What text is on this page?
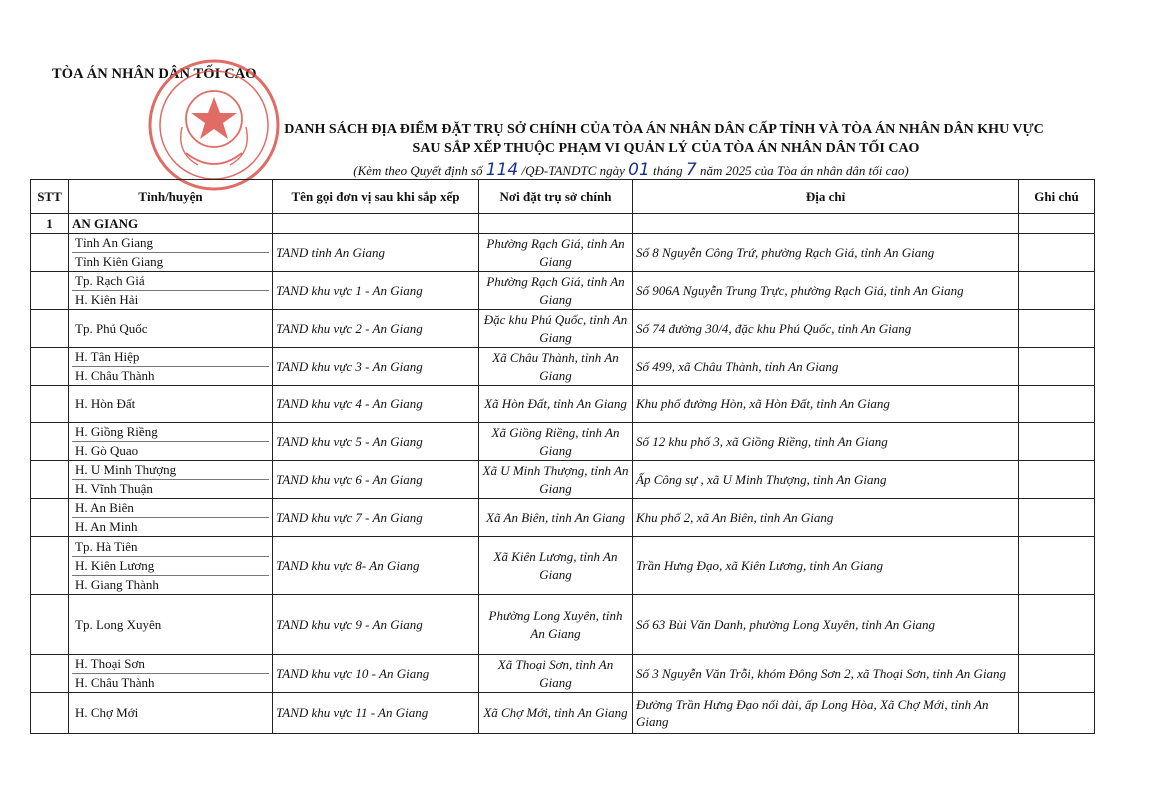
TÒA ÁN NHÂN DÂN TỐI CAO
DANH SÁCH ĐỊA ĐIỂM ĐẶT TRỤ SỞ CHÍNH CỦA TÒA ÁN NHÂN DÂN CẤP TỈNH VÀ TÒA ÁN NHÂN DÂN KHU VỰC
SAU SẮP XẾP THUỘC PHẠM VI QUẢN LÝ CỦA TÒA ÁN NHÂN DÂN TỐI CAO
(Kèm theo Quyết định số 114 /QĐ-TANDTC ngày 01 tháng 7 năm 2025 của Tòa án nhân dân tối cao)
STT	Tỉnh/huyện	Tên gọi đơn vị sau khi sắp xếp	Nơi đặt trụ sở chính	Địa chỉ	Ghi chú
1	AN GIANG				

	Tỉnh An Giang
Tỉnh Kiên Giang	TAND tỉnh An Giang	Phường Rạch Giá, tỉnh An Giang	Số 8 Nguyễn Công Trứ, phường Rạch Giá, tỉnh An Giang	

	Tp. Rạch Giá
H. Kiên Hải	TAND khu vực 1 - An Giang	Phường Rạch Giá, tỉnh An Giang	Số 906A Nguyễn Trung Trực, phường Rạch Giá, tỉnh An Giang	

	Tp. Phú Quốc	TAND khu vực 2 - An Giang	Đặc khu Phú Quốc, tỉnh An Giang	Số 74 đường 30/4, đặc khu Phú Quốc, tỉnh An Giang	

	H. Tân Hiệp
H. Châu Thành	TAND khu vực 3 - An Giang	Xã Châu Thành, tỉnh An Giang	Số 499, xã Châu Thành, tỉnh An Giang	

	H. Hòn Đất	TAND khu vực 4 - An Giang	Xã Hòn Đất, tỉnh An Giang	Khu phố đường Hòn, xã Hòn Đất, tỉnh An Giang	

	H. Giồng Riềng
H. Gò Quao	TAND khu vực 5 - An Giang	Xã Giồng Riềng, tỉnh An Giang	Số 12 khu phố 3, xã Giồng Riềng, tỉnh An Giang	

	H. U Minh Thượng
H. Vĩnh Thuận	TAND khu vực 6 - An Giang	Xã U Minh Thượng, tỉnh An Giang	Ấp Công sự , xã U Minh Thượng, tỉnh An Giang	

	H. An Biên
H. An Minh	TAND khu vực 7 - An Giang	Xã An Biên, tỉnh An Giang	Khu phố 2, xã An Biên, tỉnh An Giang	

	Tp. Hà Tiên
H. Kiên Lương
H. Giang Thành	TAND khu vực 8- An Giang	Xã Kiên Lương, tỉnh An Giang	Trần Hưng Đạo, xã Kiên Lương, tỉnh An Giang	

	Tp. Long Xuyên	TAND khu vực 9 - An Giang	Phường Long Xuyên, tỉnh An Giang	Số 63 Bùi Văn Danh, phường Long Xuyên, tỉnh An Giang	

	H. Thoại Sơn
H. Châu Thành	TAND khu vực 10 - An Giang	Xã Thoại Sơn, tỉnh An Giang	Số 3 Nguyễn Văn Trỗi, khóm Đông Sơn 2, xã Thoại Sơn, tỉnh An Giang	

	H. Chợ Mới	TAND khu vực 11 - An Giang	Xã Chợ Mới, tỉnh An Giang	Đường Trần Hưng Đạo nối dài, ấp Long Hòa, Xã Chợ Mới, tỉnh An Giang	
